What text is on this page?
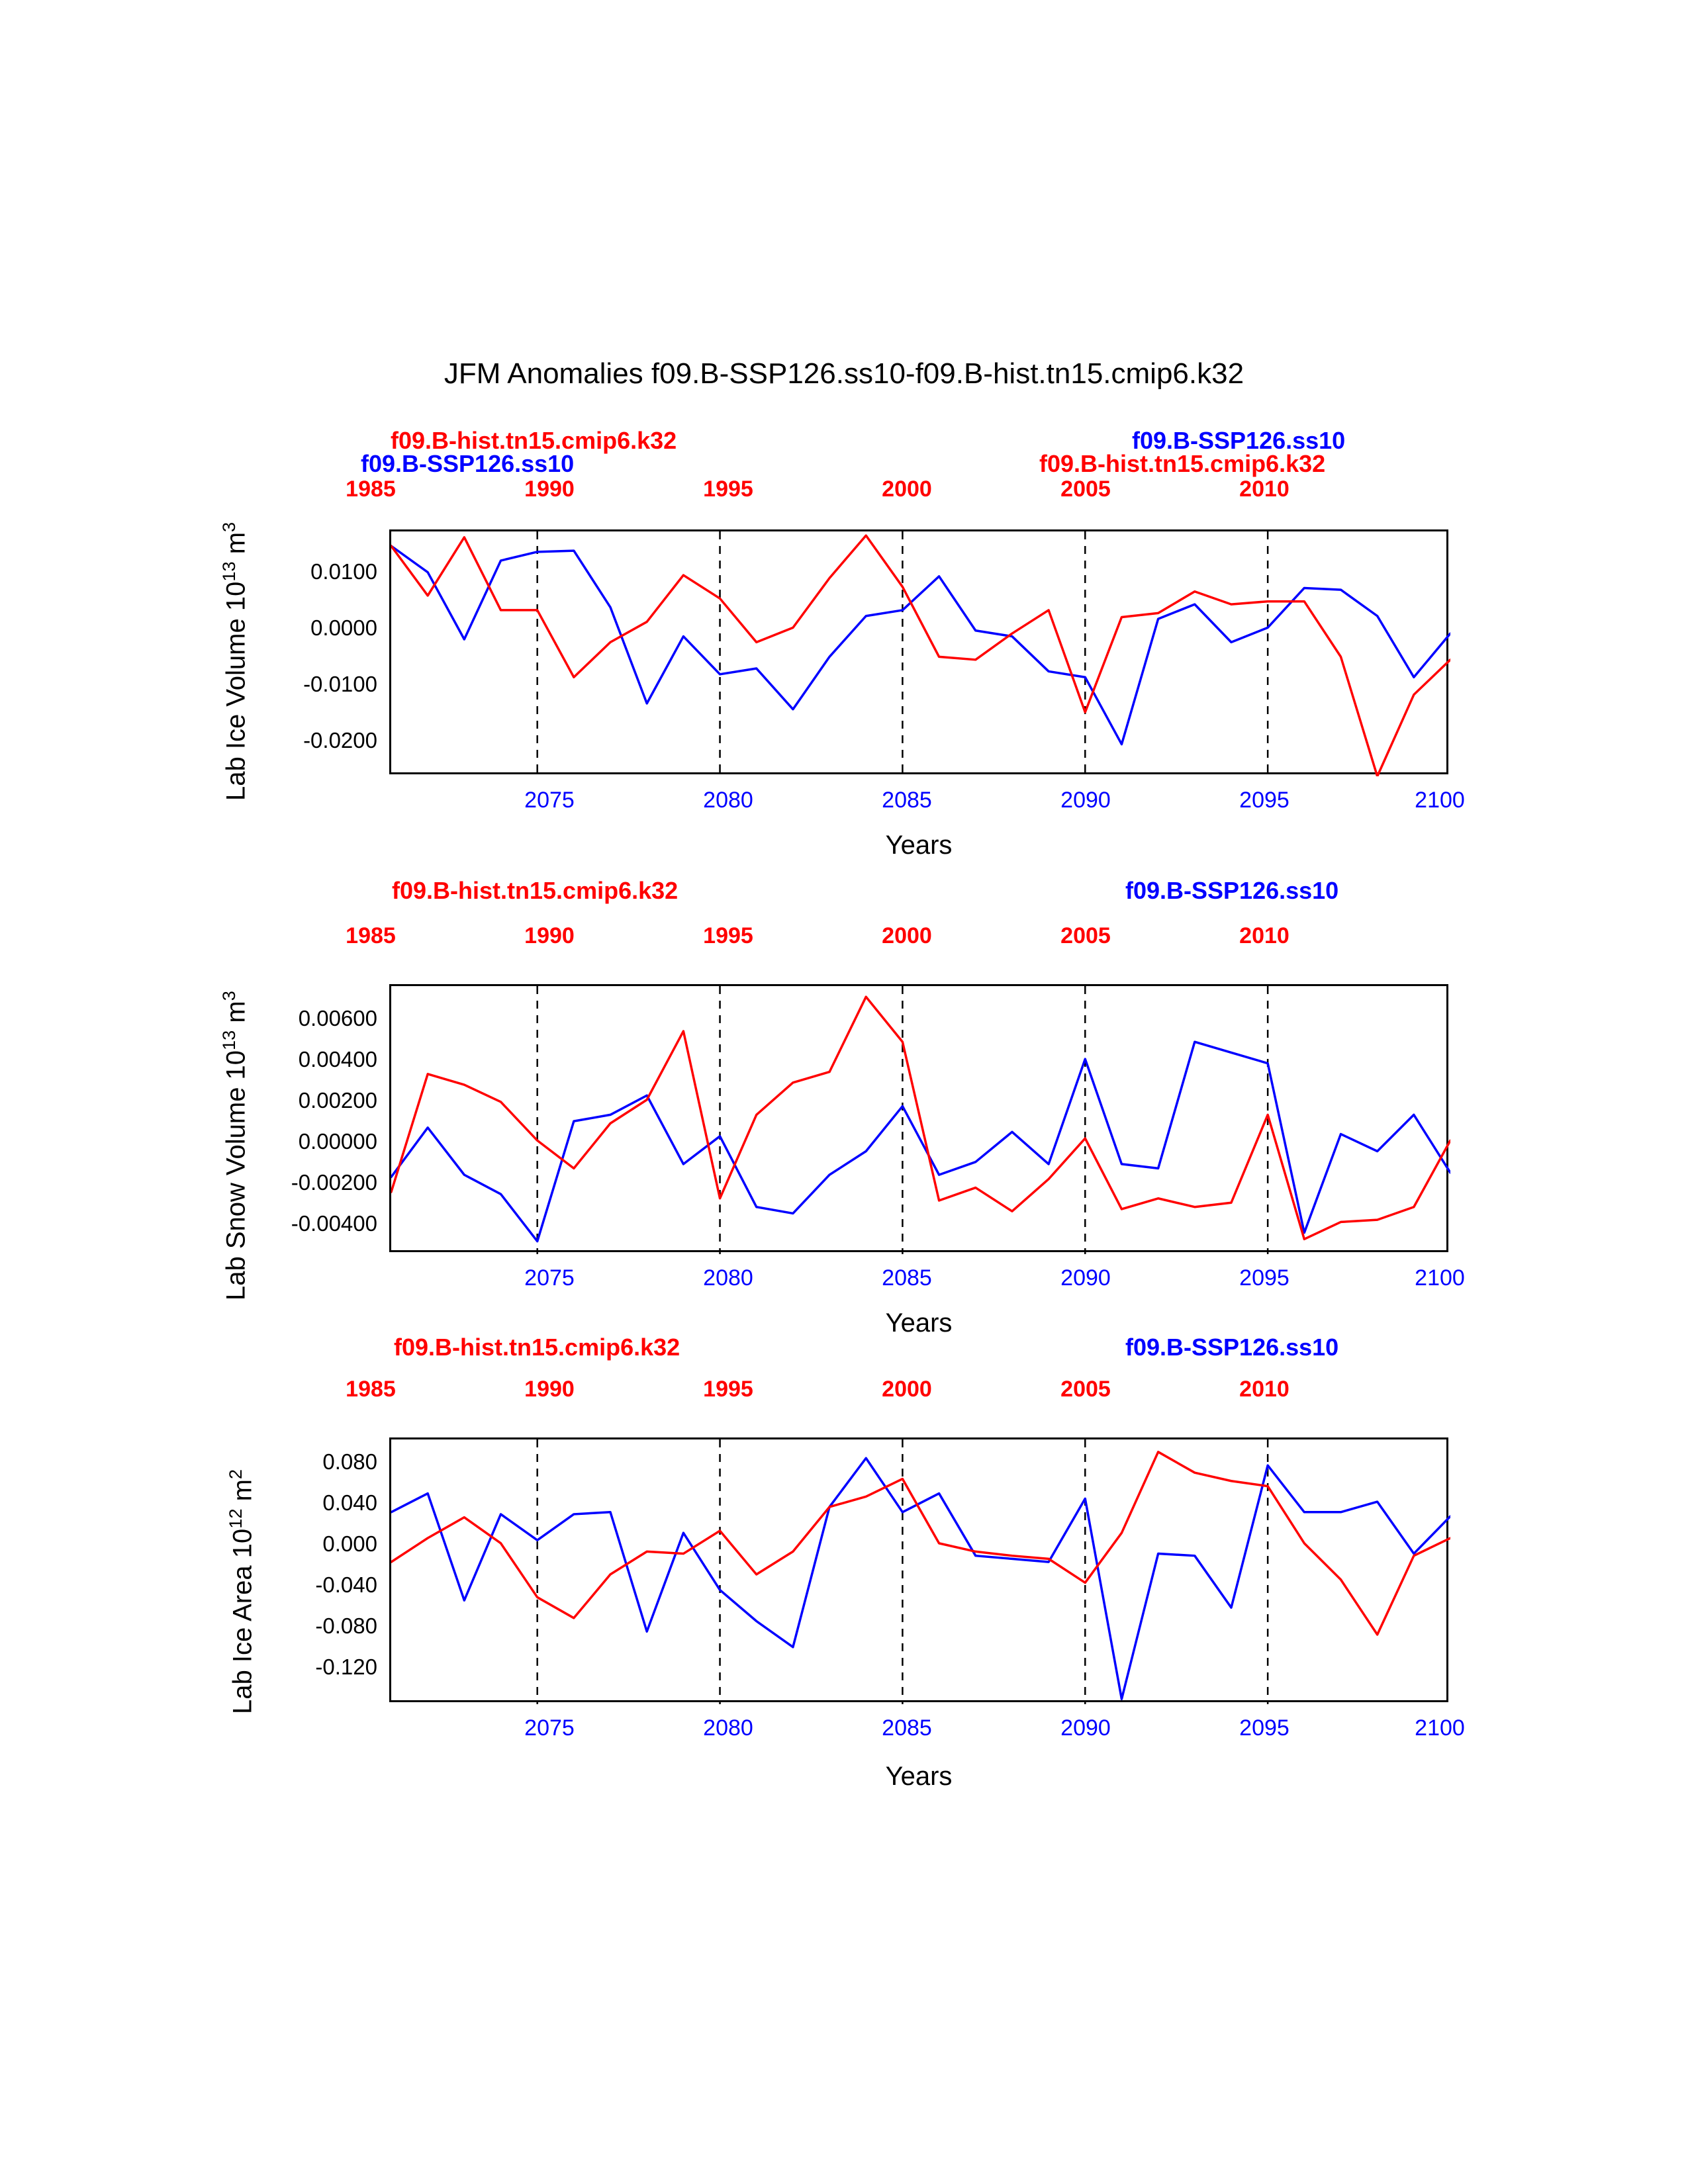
JFM Anomalies f09.B-SSP126.ss10-f09.B-hist.tn15.cmip6.k32
f09.B-hist.tn15.cmip6.k32
f09.B-SSP126.ss10	f09.B-hist.tn15.cmip6.k32
f09.B-SSP126.ss10
1985	1990	1995	2000	2005	2010
Lab Ice Volume $10^{13}$ $m^3$
0.0100
0.0000
-0.0100
-0.0200
2075	2080	2085	2090	2095	2100
Years
f09.B-hist.tn15.cmip6.k32	f09.B-SSP126.ss10
1985	1990	1995	2000	2005	2010
Lab Snow Volume $10^{13}$ $m^3$
0.00600
0.00400
0.00200
0.00000
-0.00200
-0.00400
2075	2080	2085	2090	2095	2100
Years
f09.B-hist.tn15.cmip6.k32	f09.B-SSP126.ss10
1985	1990	1995	2000	2005	2010
Lab Ice Area $10^{12}$ $m^2$
0.080
0.040
0.000
-0.040
-0.080
-0.120
2075	2080	2085	2090	2095	2100
Years
